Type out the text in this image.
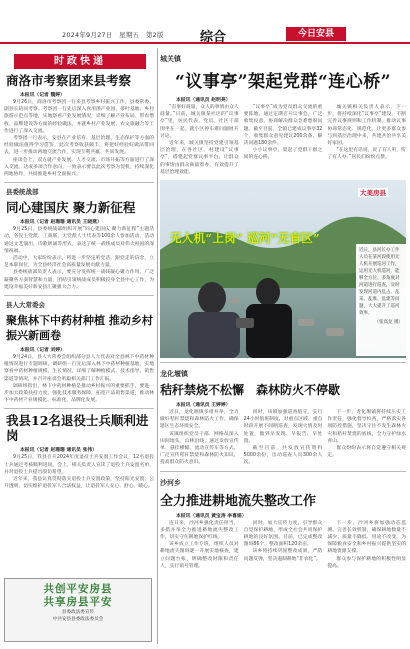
2024年9月27日　星期五　第2版	综合	今日安县
时政快递
商洛市考察团来县考察
本报讯（记者 魏婷）

9月26日，商洛市考察团一行来县考察乡村振兴工作，县委常委、副县长陪同考察。考察团一行先后深入食用菌产业园、茶叶基地、乡村旅游示范点等地，实地察看产业发展情况，详细了解产业布局、带农增收、品牌建设等方面的经验做法，并就乡村产业发展、农文旅融合等工作进行了深入交流。

考察团一行表示，安县在产业培育、基层治理、生态保护等方面的经验做法值得学习借鉴，此次考察收获颇丰，将把好经验好做法带回去，进一步推动两地交流合作，实现互利共赢、共同发展。

座谈会上，双方就产业发展、人才交流、市场开拓等方面进行了深入交流，达成多项合作意向，一致表示要以此次考察为契机，持续深化两地协作，共同推进乡村全面振兴。

县委统战部
同心建国庆 聚力新征程
本报讯（记者 赵珊珊 通讯员 王晓燕）

9月25日，县委统战部组织开展“同心建国庆 聚力新征程”主题活动，各民主党派、工商联、无党派人士代表等100余人参加活动。活动通过文艺演出、诗歌朗诵等形式，表达了统一战线成员对伟大祖国的深情祝福。

活动中，大家纷纷表示，将进一步坚定听党话、跟党走的信念，立足本职岗位，为全县经济社会高质量发展贡献力量。

县委统战部负责人表示，要充分发挥统一战线凝心聚力作用，广泛凝聚各方面智慧和力量，团结引领统战成员积极投身全县中心工作，为建设幸福美好新安县汇聚强大合力。

县人大常委会
聚焦林下中药材种植 推动乡村振兴新画卷
本报讯（记者 刘婷）

9月24日，县人大常委会组织部分县人大代表对全县林下中药材种植情况进行专题调研。调研组一行先后深入林下中药材种植基地，实地察看中药材种植规模、生长情况，详细了解种植模式、技术指导、销售渠道等情况，并召开座谈会听取相关部门工作汇报。

调研组指出，林下中药材种植是推动乡村振兴的重要抓手，要进一步加大政策扶持力度，强化技术服务保障，拓宽产品销售渠道，推动林下中药材产业规模化、标准化、品牌化发展。

我县12名退役士兵顺利进岗
本报讯（记者 赵珊珊 通讯员 张伟）

9月25日，我县召开2024年度退役士兵安置工作会议，12名退役士兵通过考核顺利进岗。会上，相关负责人宣读了退役士兵安置名单，并对退役士兵提出殷切希望。

近年来，我县认真贯彻落实退役士兵安置政策，坚持阳光安置、公开透明，切实维护退役军人合法权益，让退役军人安心、舒心、暖心。

共创平安房县
共享房县平安
县委政法委宣传
中共安县县委政法委员会
城关镇
“议事亭”架起党群“连心桥”
本报讯（通讯员 赵明亮）

“有事好商量，众人的事情由众人商量。”日前，城关镇某社区的“议事亭”里，居民代表、党员、社区干部围坐在一起，就小区停车难问题展开讨论。

近年来，城关镇坚持党建引领基层治理，在各社区、村建设“议事亭”，搭建起党群议事平台，让群众的事情由群众商量着办，有效提升了基层治理效能。

“议事亭”成为党员群众交流的重要阵地。通过定期召开议事会，广泛收集民意，协商解决群众急难愁盼问题。截至目前，全镇已建成议事亭32个，收集群众意见建议200余条，解决问题180余件。

小小议事亭，架起了党群干群之间的连心桥。

城关镇相关负责人表示，下一步，将持续深化“议事亭”建设，不断完善议事规则和工作机制，推动议事协商常态化、规范化，让更多群众参与到基层治理中来，共建共治共享美好家园。

“在这里有话说，说了有人听，听了有人办。”居民们纷纷点赞。

无人机“上岗” 巡河“无盲区”
大美房县
近日，县河长办工作人员在某河段使用无人机开展巡河工作，运用无人机巡河，能够全方位、多角度对河道进行巡查，及时发现河道内乱占、乱采、乱堆、乱建等问题，大大提升了巡河效率。
（张高龙 摄）
龙化堰镇
秸秆禁烧不松懈　森林防火不停歇
本报讯（通讯员 王婷婷）

近日，龙化堰镇多措并举，全力做好秸秆禁烧和森林防火工作，确保辖区生态环境安全。

该镇组织党员干部、网格员深入田间地头、山林沿线，通过发放宣传单、悬挂横幅、流动宣传车等方式，广泛宣传秸秆禁烧和森林防火知识，提高群众防火意识。

同时，该镇加强巡查值守，实行24小时值班制度，对重点区域、重点时段开展不间断巡查，发现火情及时处置，做到早发现、早报告、早处置。

截至目前，共发放宣传资料5000余份，出动巡查人员300余人次。

下一步，龙化堰镇将持续压实工作责任，强化督导检查，严格落实各项防控措施，坚决守住不发生森林火灾和秸秆焚烧的底线，全力守护绿水青山。

群众纷纷表示将自觉遵守相关规定。

沙河乡
全力推进耕地流失整改工作
本报讯（通讯员 黄宝涛 李喜娟）

连日来，沙河乡强化责任担当，多措并举全力推进耕地流失整改工作，切实守住耕地保护红线。

该乡成立工作专班，组织人员对耕地流失图斑逐一开展实地核查，建立问题台账，明确整改时限和责任人，实行销号管理。

同时，加大宣传力度，引导群众自觉保护耕地，形成全社会共同保护耕地的良好氛围。目前，已完成整改图斑86个，整改面积120余亩。

该乡将持续巩固整改成果，严防问题反弹，坚决遏制耕地“非农化”。

下一步，沙河乡将加强动态监测，完善长效机制，确保耕地数量不减少、质量不降低、用途不改变，为保障粮食安全和乡村振兴提供坚实的耕地资源支撑。

群众参与保护耕地的积极性明显提高。
